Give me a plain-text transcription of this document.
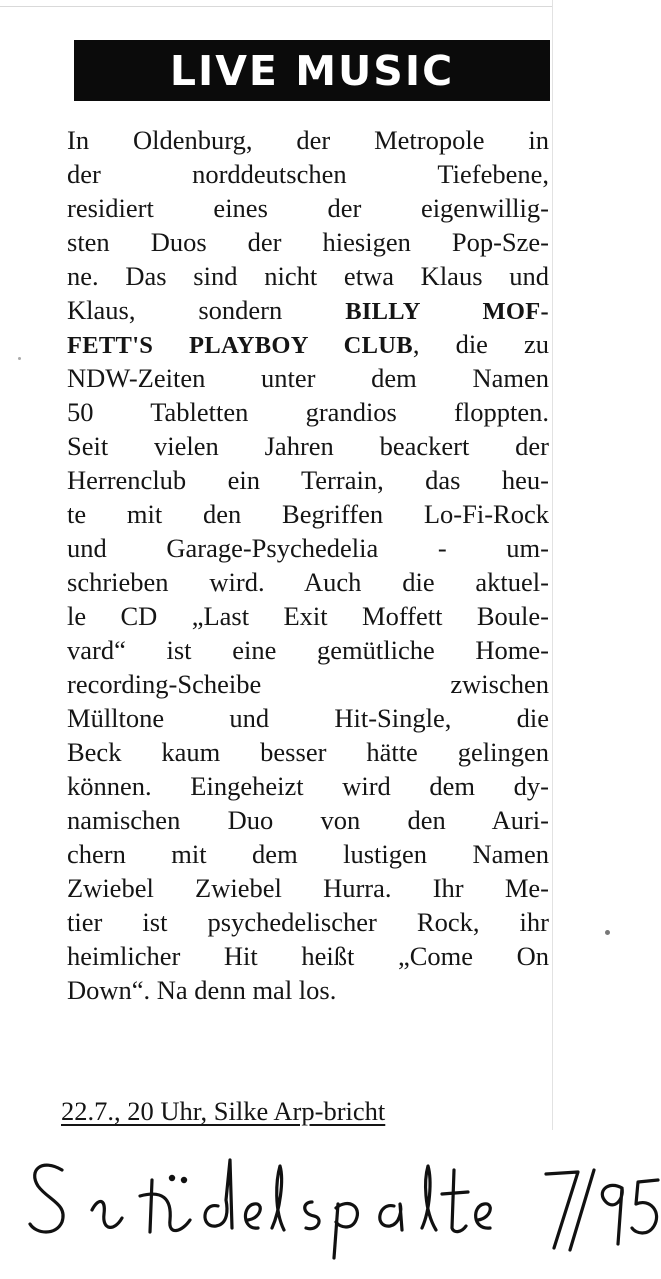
LIVE MUSIC
In Oldenburg, der Metropole in
der norddeutschen Tiefebene,
residiert eines der eigenwillig-
sten Duos der hiesigen Pop-Sze-
ne. Das sind nicht etwa Klaus und
Klaus, sondern BILLY MOF-
FETT'S PLAYBOY CLUB, die zu
NDW-Zeiten unter dem Namen
50 Tabletten grandios floppten.
Seit vielen Jahren beackert der
Herrenclub ein Terrain, das heu-
te mit den Begriffen Lo-Fi-Rock
und Garage-Psychedelia - um-
schrieben wird. Auch die aktuel-
le CD „Last Exit Moffett Boule-
vard“ ist eine gemütliche Home-
recording-Scheibe zwischen
Mülltone und Hit-Single, die
Beck kaum besser hätte gelingen
können. Eingeheizt wird dem dy-
namischen Duo von den Auri-
chern mit dem lustigen Namen
Zwiebel Zwiebel Hurra. Ihr Me-
tier ist psychedelischer Rock, ihr
heimlicher Hit heißt „Come On
Down“. Na denn mal los.
22.7., 20 Uhr, Silke Arp-bricht
